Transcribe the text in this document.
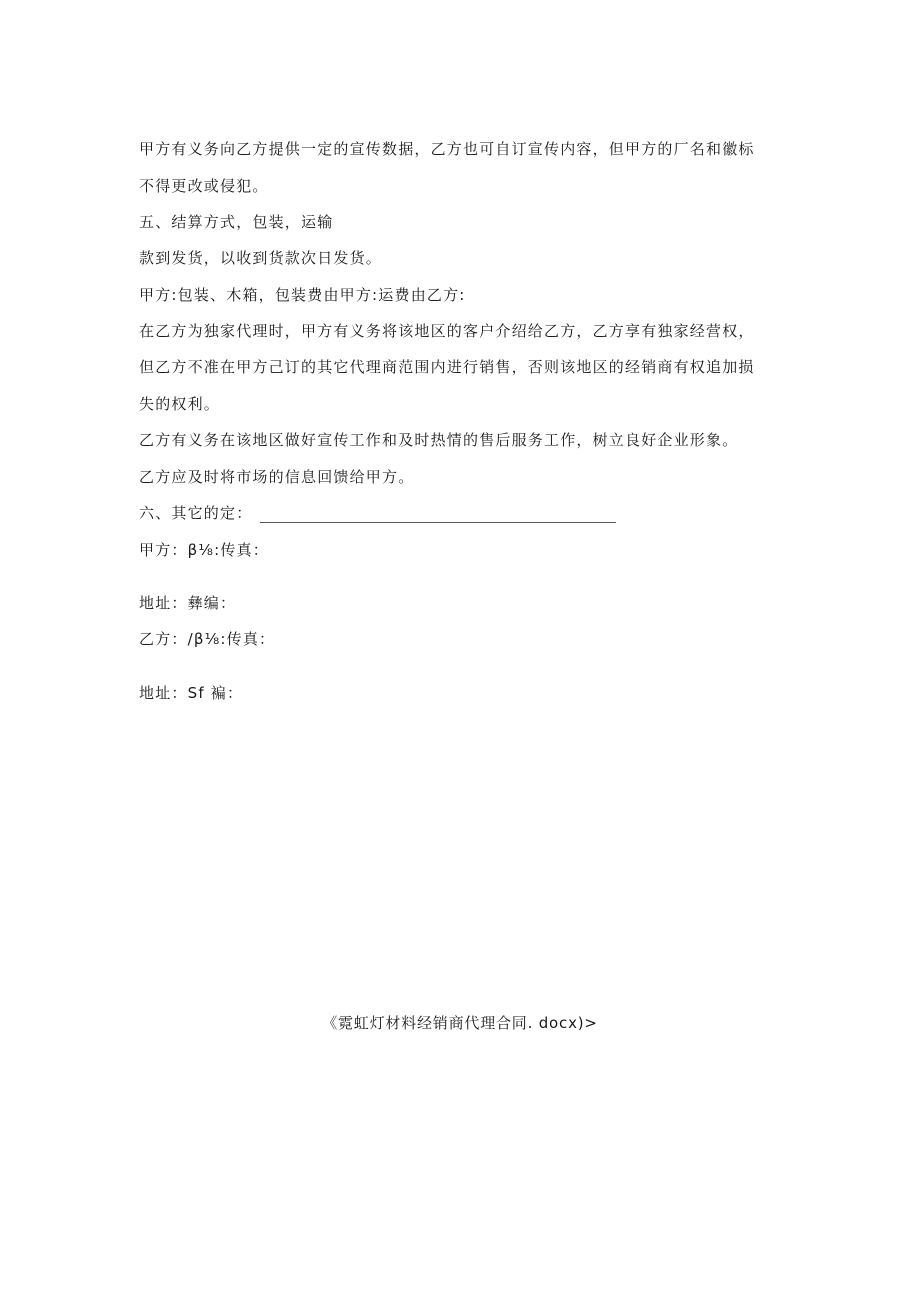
甲方有义务向乙方提供一定的宣传数据，乙方也可自订宣传内容，但甲方的厂名和徽标
不得更改或侵犯。
五、结算方式，包装，运输
款到发货，以收到货款次日发货。
甲方:包装、木箱，包装费由甲方:运费由乙方:
在乙方为独家代理时，甲方有义务将该地区的客户介绍给乙方，乙方享有独家经营权，
但乙方不准在甲方己订的其它代理商范围内进行销售，否则该地区的经销商有权追加损
失的权利。
乙方有义务在该地区做好宣传工作和及时热情的售后服务工作，树立良好企业形象。
乙方应及时将市场的信息回馈给甲方。
六、其它的定：
甲方：β⅛:传真：
地址：彝编：
乙方：/β⅛:传真：
地址：Sf 褊：
《霓虹灯材料经销商代理合同. docx)>
